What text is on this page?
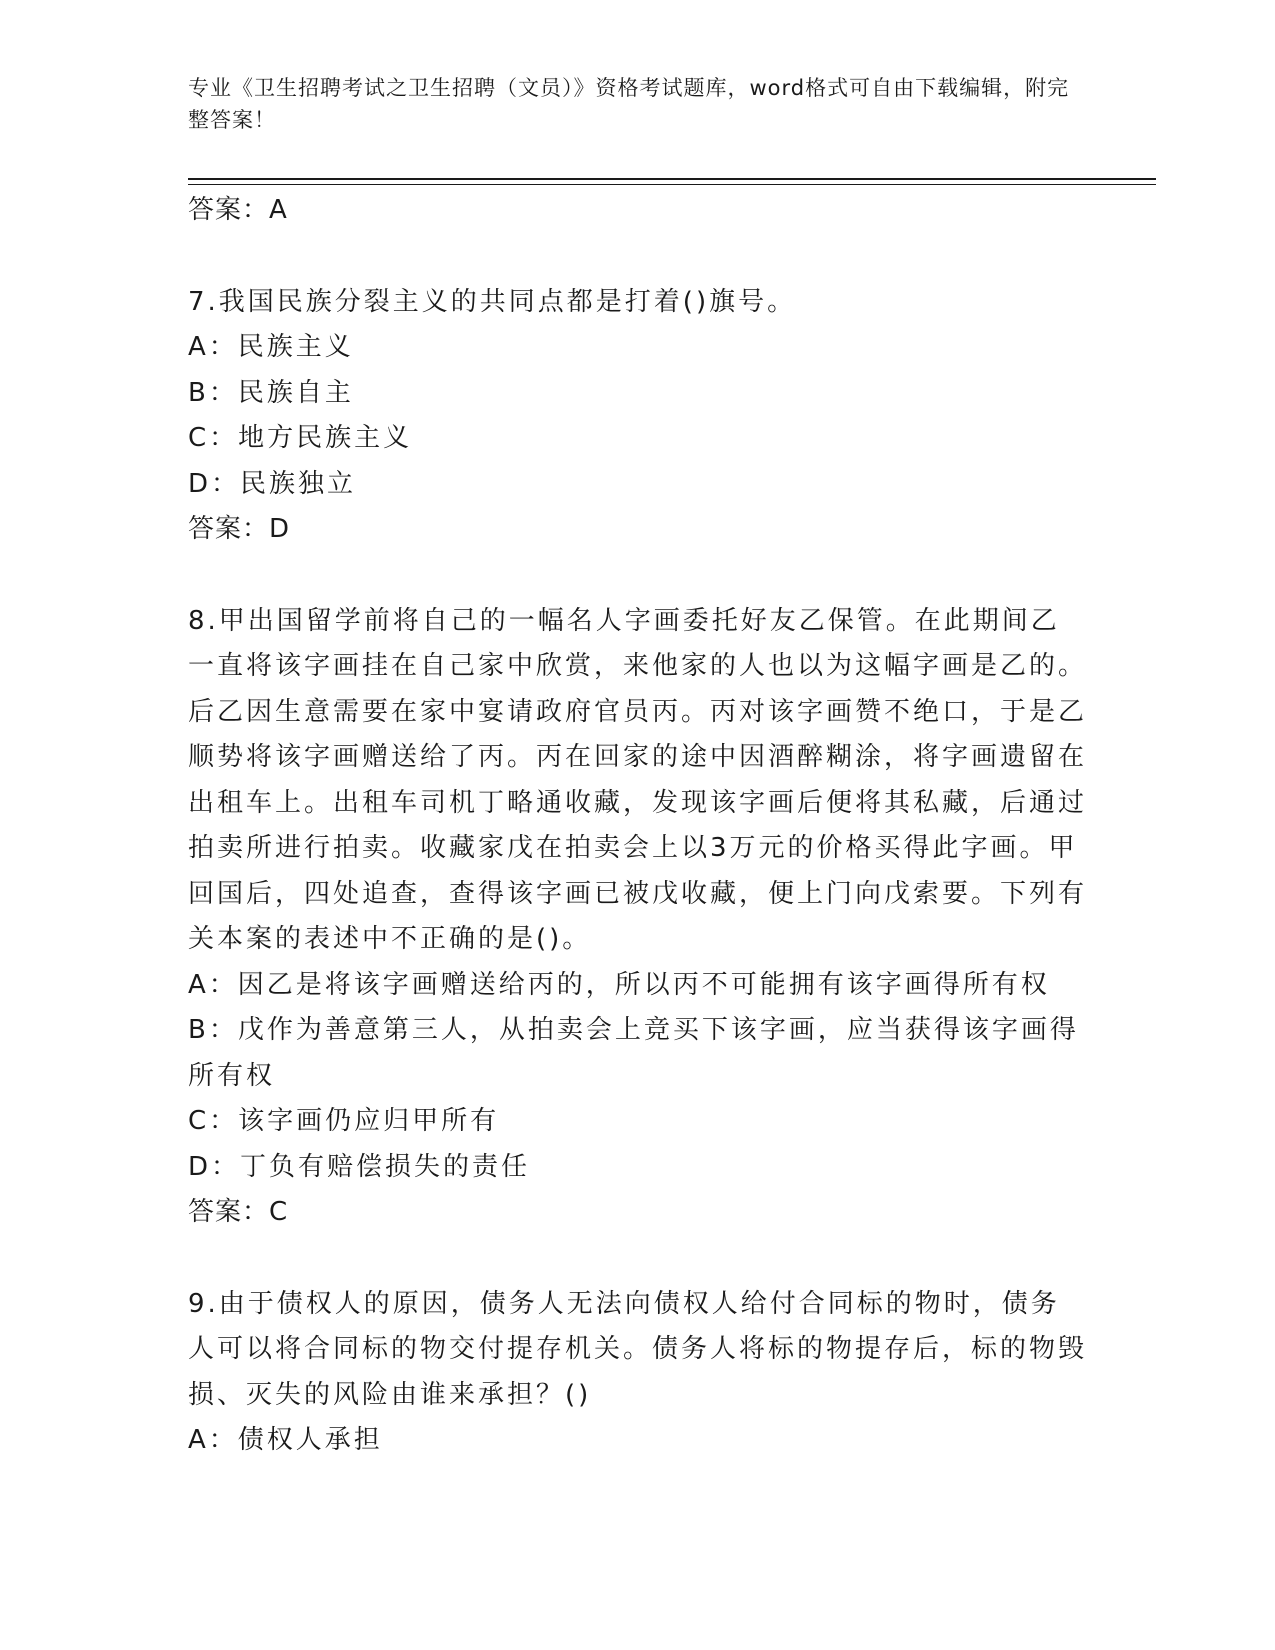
专业《卫生招聘考试之卫生招聘（文员）》资格考试题库，word格式可自由下载编辑，附完整答案！

答案：A

7.我国民族分裂主义的共同点都是打着()旗号。

A：民族主义

B：民族自主

C：地方民族主义

D：民族独立

答案：D

8.甲出国留学前将自己的一幅名人字画委托好友乙保管。在此期间乙一直将该字画挂在自己家中欣赏，来他家的人也以为这幅字画是乙的。后乙因生意需要在家中宴请政府官员丙。丙对该字画赞不绝口，于是乙顺势将该字画赠送给了丙。丙在回家的途中因酒醉糊涂，将字画遗留在出租车上。出租车司机丁略通收藏，发现该字画后便将其私藏，后通过拍卖所进行拍卖。收藏家戊在拍卖会上以3万元的价格买得此字画。甲回国后，四处追查，查得该字画已被戊收藏，便上门向戊索要。下列有关本案的表述中不正确的是()。

A：因乙是将该字画赠送给丙的，所以丙不可能拥有该字画得所有权

B：戊作为善意第三人，从拍卖会上竞买下该字画，应当获得该字画得所有权

C：该字画仍应归甲所有

D：丁负有赔偿损失的责任

答案：C

9.由于债权人的原因，债务人无法向债权人给付合同标的物时，债务人可以将合同标的物交付提存机关。债务人将标的物提存后，标的物毁损、灭失的风险由谁来承担？()

A：债权人承担
